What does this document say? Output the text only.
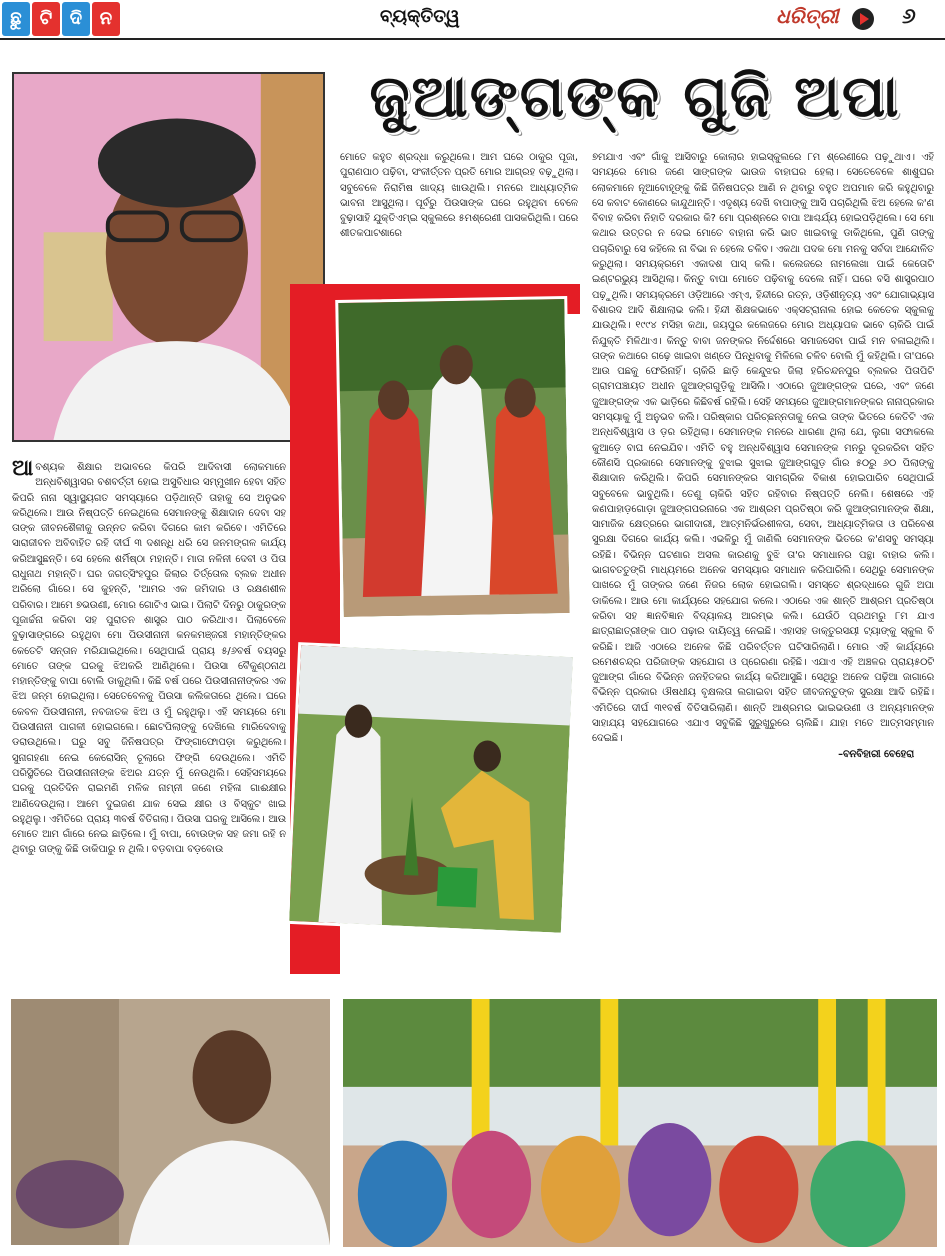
ଛୁ	ଟି ଦି ନ	ବ୍ୟକ୍ତିତ୍ୱ	ଧରିତ୍ରୀ	୬
ଜୁଆଙ୍ଗଙ୍କ ଗୁଜି ଅପା
ଆବଶ୍ୟକ ଶିକ୍ଷାର ଅଭାବରେ କିପରି ଆଦିବାସୀ ଲୋକମାନେ ଅନ୍ଧବିଶ୍ୱାସର ବଶବର୍ତ୍ତୀ ହୋଇ ଅସୁବିଧାର ସମ୍ମୁଖୀନ ହେବା ସହିତ କିପରି ନାନା ସ୍ୱାସ୍ଥ୍ୟଗତ ସମସ୍ୟାରେ ପଡ଼ିଥାନ୍ତି ତାହାକୁ ସେ ଅନୁଭବ କରିଥିଲେ। ଆଉ ନିଷ୍ପତ୍ତି ନେଇଥିଲେ ସେମାନଙ୍କୁ ଶିକ୍ଷାଦାନ ଦେବା ସହ ତାଙ୍କ ଜୀବନଶୈଳୀକୁ ଉନ୍ନତ କରିବା ଦିଗରେ କାମ କରିବେ। ଏମିତିରେ ସାରାଜୀବନ ଅବିବାହିତ ରହି ଦୀର୍ଘ ୩ ଦଶନ୍ଧି ଧରି ସେ ଜନମଙ୍ଗଳ କାର୍ଯ୍ୟ କରିଆସୁଛନ୍ତି। ସେ ହେଲେ ଶର୍ମିଷ୍ଠା ମହାନ୍ତି। ମାତା ନଳିନୀ ଦେବୀ ଓ ପିତା ରାଧୁନାଥ ମହାନ୍ତି। ଘର ଜଗତ୍‌ସିଂହପୁର ଜିଲାର ତିର୍ତ୍ତୋଲ ବ୍ଲକ ଅଧୀନ ଅରିଲୋ ଗାଁରେ। ସେ କୁହନ୍ତି, 'ଆମର ଏକ ଜମିଦାର ଓ ରକ୍ଷଣଶୀଳ ପରିବାର। ଆମେ ୭ଭଉଣୀ, ମୋର ଗୋଟିଏ ଭାଇ। ପିଲାଟି ଦିନରୁ ଠାକୁରଙ୍କ ପୂଜାର୍ଚ୍ଚନା କରିବା ସହ ପୁରାତନ ଶାସ୍ତ୍ର ପାଠ କରିଥାଏ। ପିଲାବେଳେ ବୁଢ଼ାସାଙ୍ଗରେ ରହୁଥିବା ମୋ ପିଉସୀନାନୀ କନକମଞ୍ଜରୀ ମହାନ୍ତିଙ୍କର କେତେଟି ସନ୍ତାନ ମରିଯାଇଥିଲେ। ସେଥିପାଇଁ ପ୍ରାୟ ୫/୬ବର୍ଷ ବୟସରୁ ମୋତେ ତାଙ୍କ ଘରକୁ ଝିଅକରି ଆଣିଥିଲେ। ପିଉସା ବୈକୁଣ୍ଠନାଥ ମହାନ୍ତିଙ୍କୁ ବାପା ବୋଲି ଡାକୁଥିଲି। କିଛି ବର୍ଷ ପରେ ପିଉସୀନାନୀଙ୍କର ଏକ ଝିଅ ଜନ୍ମ ହୋଇଥିଲା। ସେତେବେଳକୁ ପିଉସା କଲିକତାରେ ଥିଲେ। ଘରେ କେବଳ ପିଉସୀନାନୀ, ନବଜାତକ ଝିଅ ଓ ମୁଁ ରହୁଥିଲୁ। ଏହି ସମୟରେ ମୋ ପିଉସୀନାନୀ ପାଗଳୀ ହୋଇଗଲେ। ଛୋଟପିଲାଙ୍କୁ ଦେଖିଲେ ମାରିଦେବାକୁ ଡରାଉଥିଲେ। ଘରୁ ସବୁ ଜିନିଷପତ୍ର ଫିଙ୍ଗାଫୋପଡ଼ା କରୁଥିଲେ। ସୁନାଗହଣା ନେଇ କେରୋସିନ୍ ଚୂଲାରେ ଫିଙ୍ଗି ଦେଉଥିଲେ। ଏମିତି ପରିସ୍ଥିତିରେ ପିଉସୀନାନୀଙ୍କ ଝିଅର ଯତ୍ନ ମୁଁ ନେଉଥିଲି। ସେହିସମୟରେ ଘରକୁ ପ୍ରତିଦିନ ରାଇମଣି ମଳିକ ନାମ୍ନୀ ଜଣେ ମହିଳା ଗାଈକ୍ଷୀର ଆଣିଦେଉଥିଲା। ଆମେ ଦୁଇଜଣ ଯାକ ସେଇ କ୍ଷୀର ଓ ବିସ୍କୁଟ ଖାଇ ରହୁଥିଲୁ। ଏମିତିରେ ପ୍ରାୟ ୩ବର୍ଷ ବିତିଗଲା। ପିଉସା ଘରକୁ ଆସିଲେ। ଆଉ ମୋତେ ଆମ ଗାଁରେ ନେଇ ଛାଡ଼ିଲେ। ମୁଁ ବାପା, ବୋଉଙ୍କ ସହ ଜମା ରହି ନ ଥିବାରୁ ତାଙ୍କୁ କିଛି ଡାକିପାରୁ ନ ଥିଲି। ବଡ଼ବାପା ବଡ଼ବୋଉ
ମୋତେ କହୁତ ଶ୍ରଦ୍ଧା କରୁଥିଲେ। ଆମ ଘରେ ଠାକୁର ପୂଜା, ପୁରାଣପାଠ ପଢ଼ିବା, ସଂକୀର୍ତ୍ତନ ପ୍ରତି ମୋର ଆଗ୍ରହ ବଢ଼ୁଥିଲା। ସବୁବେଳେ ନିରାମିଷ ଖାଦ୍ୟ ଖାଉଥିଲି। ମନରେ ଆଧ୍ୟାତ୍ମିକ ଭାବନା ଆସୁଥିଲା। ପୂର୍ବରୁ ପିଉସାଙ୍କ ଘରେ ରହୁଥିବା ବେଳେ ବୁଢ଼ାସାହି ଯୁକ୍ତିଏମ୍‌ଇ ସ୍କୁଲରେ ୫ମଶ୍ରେଣୀ ପାସକରିଥିଲି। ପରେ ଶୀତକପାଟଶାରେ
୭ମଯାଏ ଏବଂ ଗାଁକୁ ଆସିବାରୁ କୋଲାର ହାଇସ୍କୁଲରେ ୮ମ ଶ୍ରେଣୀରେ ପଢ଼ୁଥାଏ। ଏହି ସମୟରେ ମୋର ଜଣେ ସାଙ୍ଗଙ୍କ ଭାଉଜ ବାହାଘର ହେଲା। ସେତେବେଳେ ଶାଶୁଘର ଲୋକମାନେ ନୂଆବୋହୂଙ୍କୁ କିଛି ଜିନିଷପତ୍ର ଆଣି ନ ଥିବାରୁ ବହୁତ ଅପମାନ କରି କହୁଥିବାରୁ ସେ କବାଟ କୋଣରେ କାନ୍ଦୁଥାନ୍ତି। ଏଦୃଶ୍ୟ ଦେଖି ବାପାଙ୍କୁ ଆସି ପଚାରିଥିଲି ଝିଅ ହେଲେ କ'ଣ ବିବାହ କରିବା ନିହାତି ଦରକାର କି? ମୋ ପ୍ରଶ୍ନରେ ବାପା ଆଶ୍ଚର୍ଯ୍ୟ ହୋଇପଡ଼ିଥିଲେ। ସେ ମୋ କଥାର ଉତ୍ତର ନ ଦେଇ ମୋତେ ବାହାନା କରି ଭାତ ଖାଇବାକୁ ଡାକିଥିଲେ, ପୁଣି ତାଙ୍କୁ ପଚାରିବାରୁ ସେ କହିଲେ ନା ବିଭା ନ ହେଲେ ଚଳିବ। ଏକଥା ପଦକ ମୋ ମନକୁ ସର୍ବଦା ଆନ୍ଦୋଳିତ କରୁଥିଲା। ସମୟକ୍ରମେ ଏକାଦଶ ପାସ୍ କଲି। କଲେଜରେ ନାମଲେଖା ପାଇଁ କେତୋଟି ଇଣ୍ଟରଭ୍ୟୁ ଆସିଥିଲା। କିନ୍ତୁ ବାପା ମୋତେ ପଢ଼ିବାକୁ ଦେଲେ ନାହିଁ। ଘରେ ବସି ଶାସ୍ତ୍ରପାଠ ପଢ଼ୁଥିଲି। ସମୟକ୍ରମେ ଓଡ଼ିଆରେ ଏମ୍‌ଏ, ହିନ୍ଦୀରେ ରତ୍ନ, ଓଡ଼ିଶୀନୃତ୍ୟ ଏବଂ ଯୋଗାଭ୍ୟାସ ବିଶାରଦ ଆଦି ଶିକ୍ଷାଲାଭ କଲି। ହିନ୍ଦୀ ଶିକ୍ଷକଭାବେ ଏକ୍‌ସଟ୍ରାନାଲ ହୋଇ କେତେକ ସ୍କୁଲକୁ ଯାଉଥିଲି। ୧୯୯୪ ମସିହା କଥା, ଜୟପୁର କଲେଜରେ ମୋର ଅଧ୍ୟାପକ ଭାବେ ଚାକିରି ପାଇଁ ନିଯୁକ୍ତି ମିଳିଥାଏ। କିନ୍ତୁ ବାବା ଜନଙ୍କର ନିର୍ଦ୍ଦେଶରେ ସମାଜସେବା ପାଇଁ ମନ ବଳାଇଥିଲି। ତାଙ୍କ କଥାରେ ଗଢ଼େ ଖାଇବା ଖଣ୍ଡେ ପିନ୍ଧିବାକୁ ମିଳିଲେ ଚଳିବ ବୋଲି ମୁଁ କହିଥିଲି। ତା'ପରେ ଆଉ ପଛକୁ ଫେରିନାହିଁ। ଚାକିରି ଛାଡ଼ି କେନ୍ଦୁଝର ଜିଲା ହରିଚନ୍ଦନପୁର ବ୍ଲକର ପିତାପିଟି ଗ୍ରାମପଞ୍ଚାୟତ ଅଧୀନ ଜୁଆଙ୍ଗଗୁଡ଼ିକୁ ଆସିଲି। ଏଠାରେ ଜୁଆଙ୍ଗଙ୍କ ଘରେ, ଏବଂ ଜଣେ ଜୁଆଙ୍ଗଙ୍କ ଏକ ଭାଡ଼ିରେ କିଛିବର୍ଷ ରହିଲି। ସେହି ସମୟରେ ଜୁଆଙ୍ଗମାନଙ୍କର ନାନାପ୍ରକାର ସମସ୍ୟାକୁ ମୁଁ ଅନୁଭବ କଲି। ପରିଷ୍କାର ପରିଚ୍ଛନ୍ନତାକୁ ନେଇ ତାଙ୍କ ଭିତରେ କେତିଟି ଏକ ଅନ୍ଧବିଶ୍ୱାସ ଓ ଡ଼ର ରହିଥିଲା। ସେମାନଙ୍କ ମନରେ ଧାରଣା ଥିଲା ଯେ, ଲୁଗା ସଫାକଲେ କୁଆଡ଼େ ବାଘ ନେଇଯିବ। ଏମିତି ବହୁ ଅନ୍ଧବିଶ୍ୱାସ ସେମାନଙ୍କ ମନରୁ ଦୂରକରିବା ସହିତ କୌଣସି ପ୍ରକାରେ ସେମାନଙ୍କୁ ବୁଝାଇ ସୁଝାଇ ଜୁଆଙ୍ଗଗୁଡ଼ ଗାଁର ୫୦ରୁ ୬୦ ପିଲାଙ୍କୁ ଶିକ୍ଷାଦାନ କରିଥିଲି। କିପରି ସେମାନଙ୍କର ସାମଗ୍ରିକ ବିକାଶ ହୋଇପାରିବ ସେଥିପାଇଁ ସବୁବେଳେ ଭାବୁଥିଲି। ତେଣୁ ଚାକିରି ସହିତ ରହିବାର ନିଷ୍ପତ୍ତି ନେଲି। ଶେଷରେ ଏହି କଣପାହାଡ଼ଗୋଡ଼ା ଜୁଆଙ୍ଗପରନାରେ ଏକ ଆଶ୍ରମ ପ୍ରତିଷ୍ଠା କରି ଜୁଆଙ୍ଗମାନଙ୍କ ଶିକ୍ଷା, ସାମାଜିକ କ୍ଷେତ୍ରରେ ଭାଗୀଦାରୀ, ଆତ୍ମନିର୍ଭରଶୀଳତା, ସେବା, ଆଧ୍ୟାତ୍ମିକତା ଓ ପରିବେଶ ସୁରକ୍ଷା ଦିଗରେ କାର୍ଯ୍ୟ କଲି। ଏଭଳିରୁ ମୁଁ ଜାଣିଲି ସେମାନଙ୍କ ଭିତରେ କ'ଣସବୁ ସମସ୍ୟା ରହିଛି। ବିଭିନ୍ନ ଘଟଣାର ଅସଲ କାରଣକୁ ବୁଝି ତା'ର ସମାଧାନର ପନ୍ଥା ବାହାର କଲି। ଭାଗବତତୁଙ୍ଗି ମାଧ୍ୟମରେ ଅନେକ ସମସ୍ୟାର ସମାଧାନ କରିପାରିଲି। ସେଥିରୁ ସେମାନଙ୍କ ପାଖରେ ମୁଁ ତାଙ୍କର ଜଣେ ନିଜର ଲୋକ ହୋଇଗଲି। ସମସ୍ତେ ଶ୍ରଦ୍ଧାରେ ଗୁଜି ଅପା ଡାକିଲେ। ଆଉ ମୋ କାର୍ଯ୍ୟରେ ସହଯୋଗ କଲେ। ଏଠାରେ ଏକ ଶାନ୍ତି ଆଶ୍ରମ ପ୍ରତିଷ୍ଠା କରିବା ସହ ଜ୍ଞାନବିଜ୍ଞାନ ବିଦ୍ୟାଳୟ ଆରମ୍ଭ କଲି। ଯେଉଁଠି ପ୍ରଥମରୁ ୮ମ ଯାଏ ଛାତ୍ରାଛାତ୍ରୀଙ୍କ ପାଠ ପଢ଼ାର ଦାୟିତ୍ୱ ନେଇଛି। ଏହାସହ ଡାକ୍ତୁରସୟୀ ଟ୍ୟାଙ୍କୁ ସ୍କୁଲ ବି କରିଛି। ଆଜି ଏଠାରେ ଅନେକ କିଛି ପରିବର୍ତ୍ତନ ଘଟିସାରିଲାଣି। ମୋର ଏହି କାର୍ଯ୍ୟରେ ରମେଶଚନ୍ଦ୍ର ପରିଜାଙ୍କ ସହଯୋଗ ଓ ପ୍ରେରଣା ରହିଛି। ଏଯାଏ ଏହି ଅଞ୍ଚଳର ପ୍ରାୟ୫୦ଟି ଜୁଆଙ୍ଗ ଗାଁରେ ବିଭିନ୍ନ ଜନହିତକର କାର୍ଯ୍ୟ କରିଆସୁଛି। ସେଥିରୁ ଅନେକ ପଢ଼ିଆ ଜାଗାରେ ବିଭିନ୍ନ ପ୍ରକାର ଔଷଧୀୟ ବୃକ୍ଷଲତା ଲଗାଇବା ସହିତ ଜୀବଜନ୍ତୁଙ୍କ ସୁରକ୍ଷା ଆଦି ରହିଛି। ଏମିତିରେ ଦୀର୍ଘ ୩୧ବର୍ଷ ବିତିସାରିଲାଣି। ଶାନ୍ତି ଆଶ୍ରମର ଭାଇଭଉଣୀ ଓ ଅନ୍ୟମାନଙ୍କ ସାହାଯ୍ୟ ସହଯୋଗରେ ଏଯାଏ ସବୁକିଛି ସୁରୁଖୁରୁରେ ଚାଲିଛି। ଯାହା ମତେ ଆତ୍ମସମ୍ମାନ ଦେଇଛି।
–ବନବିହାରୀ ବେହେରା
